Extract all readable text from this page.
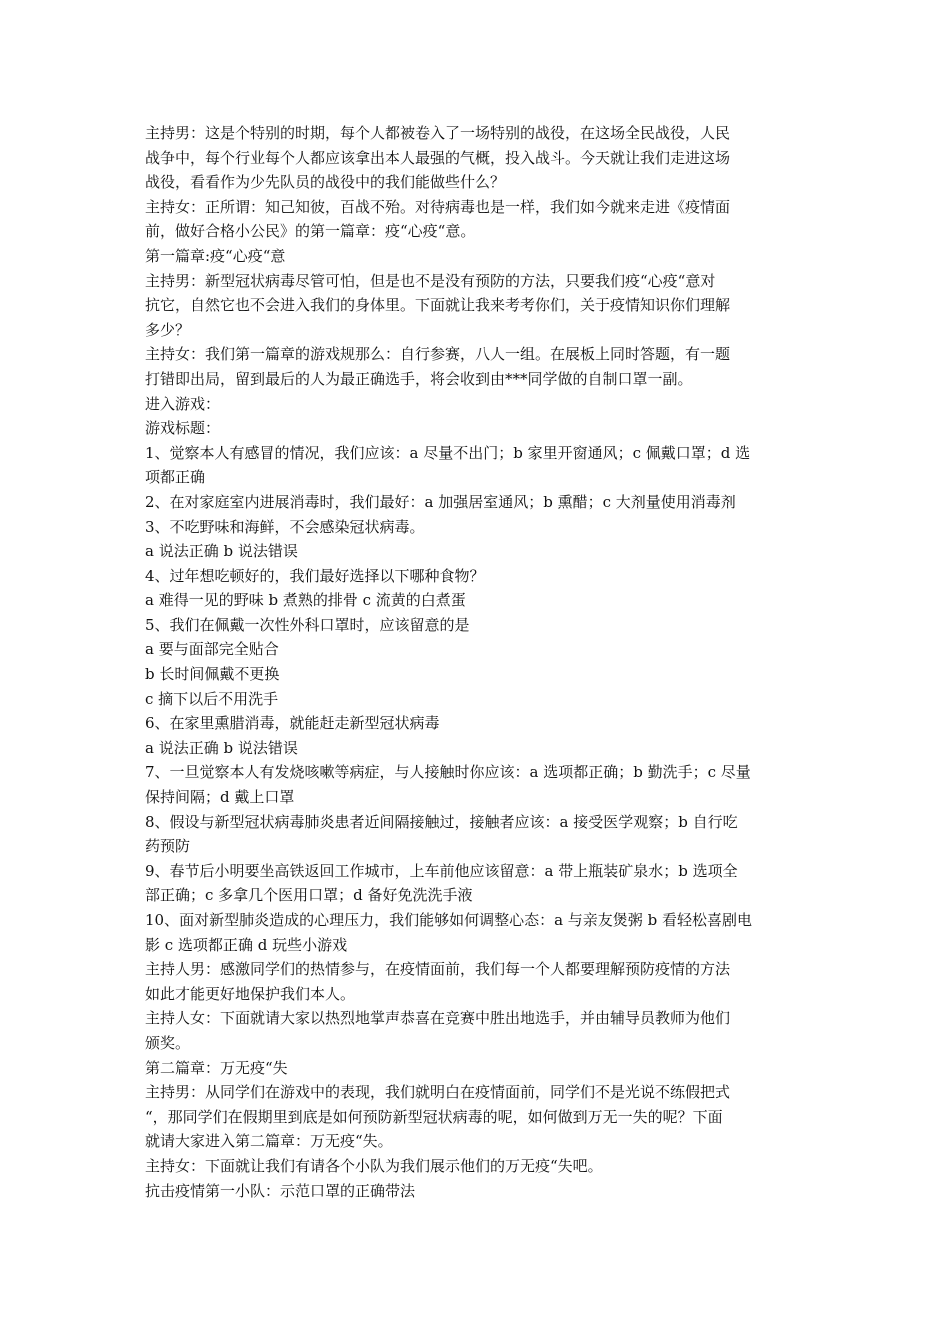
主持男：这是个特别的时期，每个人都被卷入了一场特别的战役，在这场全民战役，人民

战争中，每个行业每个人都应该拿出本人最强的气概，投入战斗。今天就让我们走进这场

战役，看看作为少先队员的战役中的我们能做些什么？

主持女：正所谓：知己知彼，百战不殆。对待病毒也是一样，我们如今就来走进《疫情面

前，做好合格小公民》的第一篇章：疫“心疫“意。

第一篇章:疫“心疫“意

主持男：新型冠状病毒尽管可怕，但是也不是没有预防的方法，只要我们疫“心疫“意对

抗它，自然它也不会进入我们的身体里。下面就让我来考考你们，关于疫情知识你们理解

多少？

主持女：我们第一篇章的游戏规那么：自行参赛，八人一组。在展板上同时答题，有一题

打错即出局，留到最后的人为最正确选手，将会收到由***同学做的自制口罩一副。

进入游戏：

游戏标题：

1、觉察本人有感冒的情况，我们应该：a 尽量不出门；b 家里开窗通风；c 佩戴口罩；d 选

项都正确

2、在对家庭室内进展消毒时，我们最好：a 加强居室通风；b 熏醋；c 大剂量使用消毒剂

3、不吃野味和海鲜，不会感染冠状病毒。

a 说法正确 b 说法错误

4、过年想吃顿好的，我们最好选择以下哪种食物？

a 难得一见的野味 b 煮熟的排骨 c 流黄的白煮蛋

5、我们在佩戴一次性外科口罩时，应该留意的是

a 要与面部完全贴合

b 长时间佩戴不更换

c 摘下以后不用洗手

6、在家里熏腊消毒，就能赶走新型冠状病毒

a 说法正确 b 说法错误

7、一旦觉察本人有发烧咳嗽等病症，与人接触时你应该：a 选项都正确；b 勤洗手；c 尽量

保持间隔；d 戴上口罩

8、假设与新型冠状病毒肺炎患者近间隔接触过，接触者应该：a 接受医学观察；b 自行吃

药预防

9、春节后小明要坐高铁返回工作城市，上车前他应该留意：a 带上瓶装矿泉水；b 选项全

部正确；c 多拿几个医用口罩；d 备好免洗洗手液

10、面对新型肺炎造成的心理压力，我们能够如何调整心态：a 与亲友煲粥 b 看轻松喜剧电

影 c 选项都正确 d 玩些小游戏

主持人男：感激同学们的热情参与，在疫情面前，我们每一个人都要理解预防疫情的方法

如此才能更好地保护我们本人。

主持人女：下面就请大家以热烈地掌声恭喜在竞赛中胜出地选手，并由辅导员教师为他们

颁奖。

第二篇章：万无疫“失

主持男：从同学们在游戏中的表现，我们就明白在疫情面前，同学们不是光说不练假把式

“，那同学们在假期里到底是如何预防新型冠状病毒的呢，如何做到万无一失的呢？下面

就请大家进入第二篇章：万无疫“失。

主持女：下面就让我们有请各个小队为我们展示他们的万无疫“失吧。

抗击疫情第一小队：示范口罩的正确带法
